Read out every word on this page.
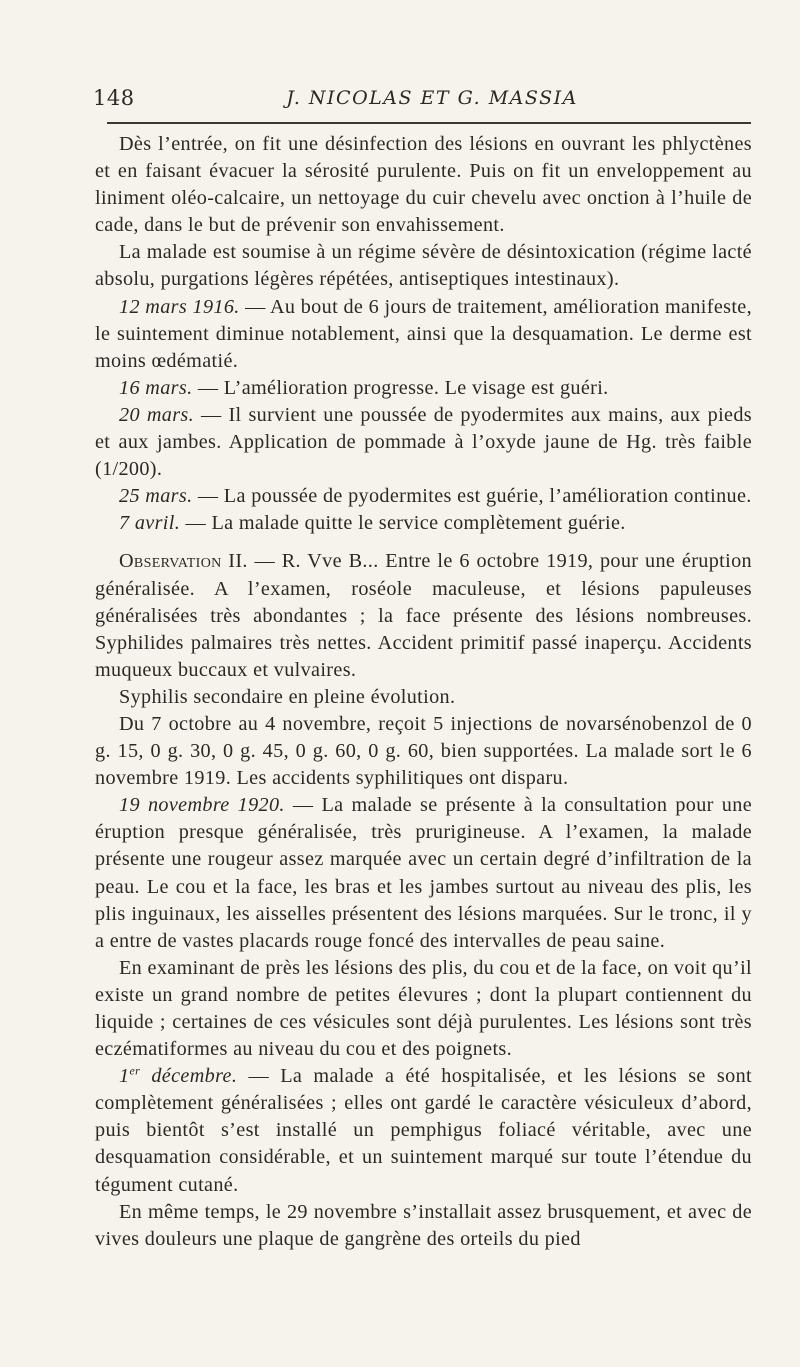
148	J. NICOLAS ET G. MASSIA

Dès l’entrée, on fit une désinfection des lésions en ouvrant les phlyctènes et en faisant évacuer la sérosité purulente. Puis on fit un enveloppement au liniment oléo-calcaire, un nettoyage du cuir chevelu avec onction à l’huile de cade, dans le but de prévenir son envahissement.

La malade est soumise à un régime sévère de désintoxication (régime lacté absolu, purgations légères répétées, antiseptiques intestinaux).

12 mars 1916. — Au bout de 6 jours de traitement, amélioration manifeste, le suintement diminue notablement, ainsi que la desquamation. Le derme est moins œdématié.

16 mars. — L’amélioration progresse. Le visage est guéri.

20 mars. — Il survient une poussée de pyodermites aux mains, aux pieds et aux jambes. Application de pommade à l’oxyde jaune de Hg. très faible (1/200).

25 mars. — La poussée de pyodermites est guérie, l’amélioration continue.

7 avril. — La malade quitte le service complètement guérie.

Observation II. — R. Vve B... Entre le 6 octobre 1919, pour une éruption généralisée. A l’examen, roséole maculeuse, et lésions papuleuses généralisées très abondantes ; la face présente des lésions nombreuses. Syphilides palmaires très nettes. Accident primitif passé inaperçu. Accidents muqueux buccaux et vulvaires.

Syphilis secondaire en pleine évolution.

Du 7 octobre au 4 novembre, reçoit 5 injections de novarsénobenzol de 0 g. 15, 0 g. 30, 0 g. 45, 0 g. 60, 0 g. 60, bien supportées. La malade sort le 6 novembre 1919. Les accidents syphilitiques ont disparu.

19 novembre 1920. — La malade se présente à la consultation pour une éruption presque généralisée, très prurigineuse. A l’examen, la malade présente une rougeur assez marquée avec un certain degré d’infiltration de la peau. Le cou et la face, les bras et les jambes surtout au niveau des plis, les plis inguinaux, les aisselles présentent des lésions marquées. Sur le tronc, il y a entre de vastes placards rouge foncé des intervalles de peau saine.

En examinant de près les lésions des plis, du cou et de la face, on voit qu’il existe un grand nombre de petites élevures ; dont la plupart contiennent du liquide ; certaines de ces vésicules sont déjà purulentes. Les lésions sont très eczématiformes au niveau du cou et des poignets.

1er décembre. — La malade a été hospitalisée, et les lésions se sont complètement généralisées ; elles ont gardé le caractère vésiculeux d’abord, puis bientôt s’est installé un pemphigus foliacé véritable, avec une desquamation considérable, et un suintement marqué sur toute l’étendue du tégument cutané.

En même temps, le 29 novembre s’installait assez brusquement, et avec de vives douleurs une plaque de gangrène des orteils du pied
